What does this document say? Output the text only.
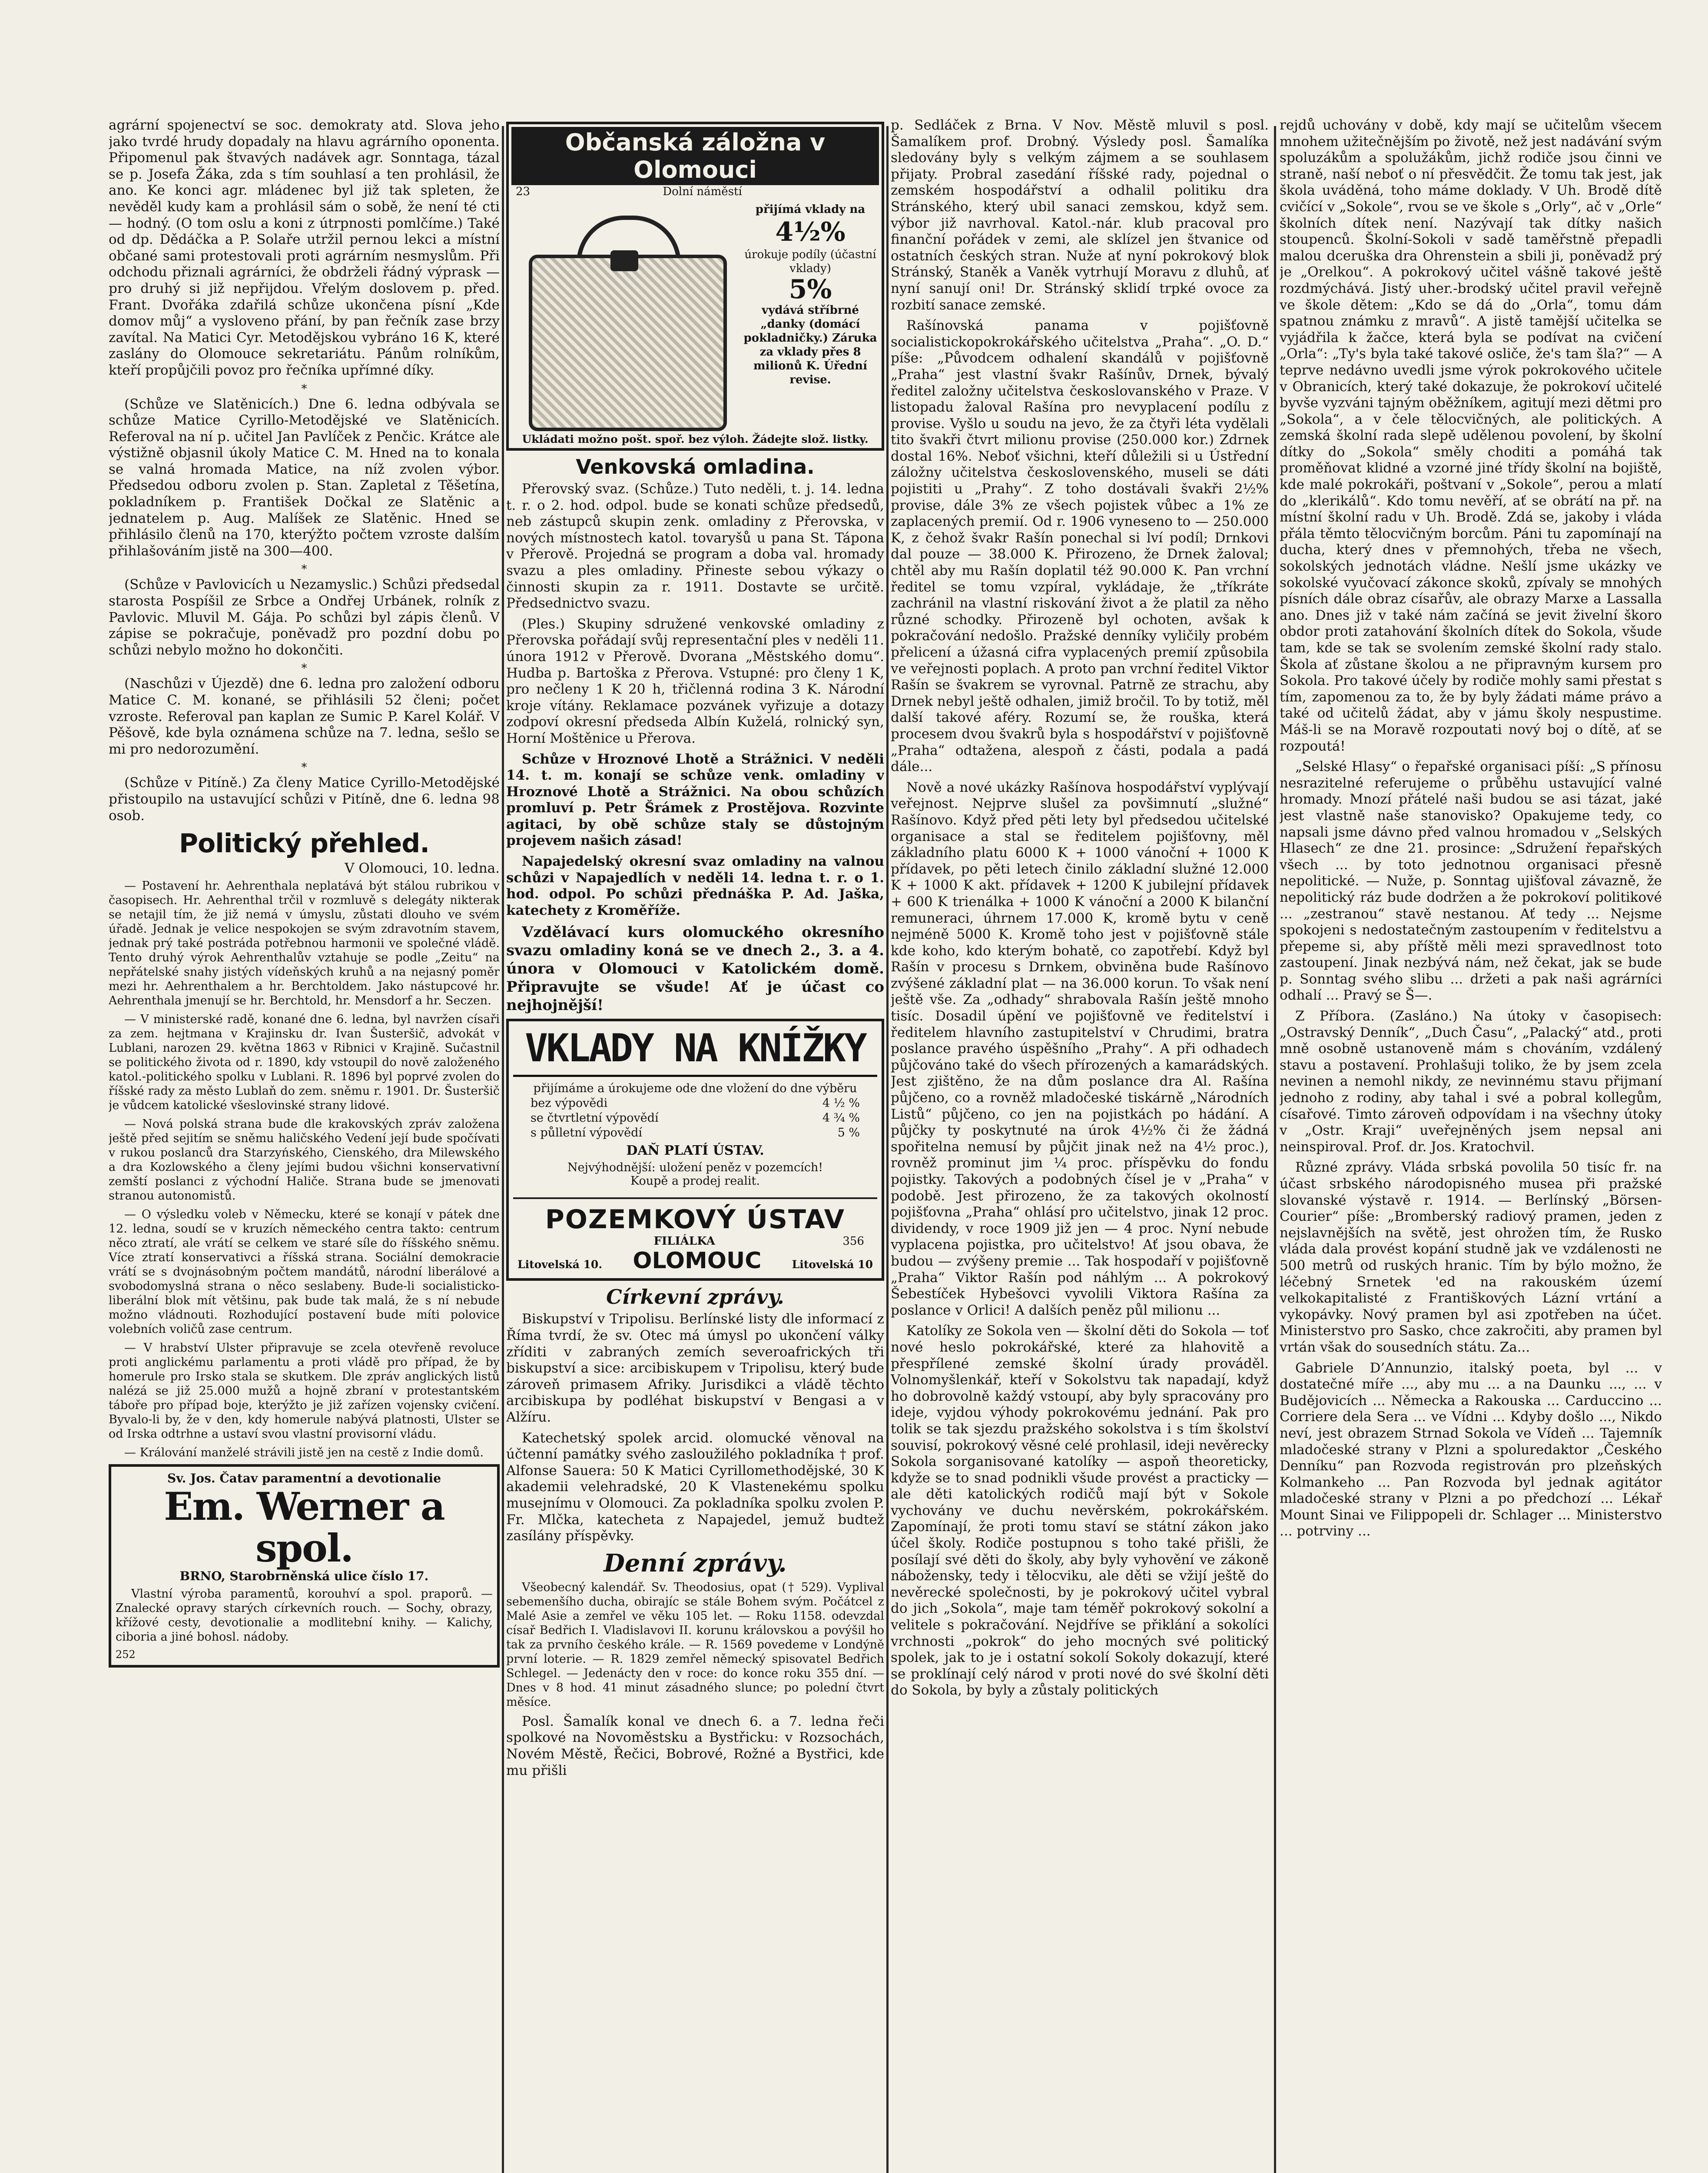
agrární spojenectví se soc. demokraty atd. Slova jeho jako tvrdé hrudy dopadaly na hlavu agrárního oponenta. Připomenul pak štvavých nadávek agr. Sonntaga, tázal se p. Josefa Žáka, zda s tím souhlasí a ten prohlásil, že ano. Ke konci agr. mládenec byl již tak spleten, že nevěděl kudy kam a prohlásil sám o sobě, že není té cti — hodný. (O tom oslu a koni z útrpnosti pomlčíme.) Také od dp. Dědáčka a P. Solaře utržil pernou lekci a místní občané sami protestovali proti agrárním nesmyslům. Při odchodu přiznali agrárníci, že obdrželi řádný výprask — pro druhý si již nepřijdou. Vřelým doslovem p. před. Frant. Dvořáka zdařilá schůze ukončena písní „Kde domov můj“ a vysloveno přání, by pan řečník zase brzy zavítal. Na Matici Cyr. Metodějskou vybráno 16 K, které zaslány do Olomouce sekretariátu. Pánům rolníkům, kteří propůjčili povoz pro řečníka upřímné díky.

*

(Schůze ve Slatěnicích.) Dne 6. ledna odbývala se schůze Matice Cyrillo-Metodějské ve Slatěnicích. Referoval na ní p. učitel Jan Pavlíček z Penčic. Krátce ale výstižně objasnil úkoly Matice C. M. Hned na to konala se valná hromada Matice, na níž zvolen výbor. Předsedou odboru zvolen p. Stan. Zapletal z Těšetína, pokladníkem p. František Dočkal ze Slatěnic a jednatelem p. Aug. Malíšek ze Slatěnic. Hned se přihlásilo členů na 170, kterýžto počtem vzroste dalším přihlašováním jistě na 300—400.

*

(Schůze v Pavlovicích u Nezamyslic.) Schůzi předsedal starosta Pospíšil ze Srbce a Ondřej Urbánek, rolník z Pavlovic. Mluvil M. Gája. Po schůzi byl zápis členů. V zápise se pokračuje, poněvadž pro pozdní dobu po schůzi nebylo možno ho dokončiti.

*

(Naschůzi v Újezdě) dne 6. ledna pro založení odboru Matice C. M. konané, se přihlásili 52 členi; počet vzroste. Referoval pan kaplan ze Sumic P. Karel Kolář. V Pěšově, kde byla oznámena schůze na 7. ledna, sešlo se mi pro nedorozumění.

*

(Schůze v Pitíně.) Za členy Matice Cyrillo-Metodějské přistoupilo na ustavující schůzi v Pitíně, dne 6. ledna 98 osob.

Politický přehled.
V Olomouci, 10. ledna.

— Postavení hr. Aehrenthala neplatává být stálou rubrikou v časopisech. Hr. Aehrenthal trčil v rozmluvě s delegáty nikterak se netajil tím, že již nemá v úmyslu, zůstati dlouho ve svém úřadě. Jednak je velice nespokojen se svým zdravotním stavem, jednak prý také postráda potřebnou harmonii ve společné vládě. Tento druhý výrok Aehrenthalův vztahuje se podle „Zeitu“ na nepřátelské snahy jistých vídeňských kruhů a na nejasný poměr mezi hr. Aehrenthalem a hr. Berchtoldem. Jako nástupcové hr. Aehrenthala jmenují se hr. Berchtold, hr. Mensdorf a hr. Seczen.

— V ministerské radě, konané dne 6. ledna, byl navržen císaři za zem. hejtmana v Krajinsku dr. Ivan Šusteršič, advokát v Lublani, narozen 29. května 1863 v Ribnici v Krajině. Sučastnil se politického života od r. 1890, kdy vstoupil do nově založeného katol.-politického spolku v Lublani. R. 1896 byl poprvé zvolen do říšské rady za město Lublaň do zem. sněmu r. 1901. Dr. Šusteršič je vůdcem katolické všeslovinské strany lidové.

— Nová polská strana bude dle krakovských zpráv založena ještě před sejitím se sněmu haličského Vedení její bude spočívati v rukou poslanců dra Starzyńského, Cienského, dra Milewského a dra Kozlowského a členy jejími budou všichni konservativní zemští poslanci z východní Haliče. Strana bude se jmenovati stranou autonomistů.

— O výsledku voleb v Německu, které se konají v pátek dne 12. ledna, soudí se v kruzích německého centra takto: centrum něco ztratí, ale vrátí se celkem ve staré síle do říšského sněmu. Více ztratí konservativci a říšská strana. Sociální demokracie vrátí se s dvojnásobným počtem mandátů, národní liberálové a svobodomyslná strana o něco seslabeny. Bude-li socialisticko-liberální blok mít většinu, pak bude tak malá, že s ní nebude možno vládnouti. Rozhodující postavení bude míti polovice volebních voličů zase centrum.

— V hrabství Ulster připravuje se zcela otevřeně revoluce proti anglickému parlamentu a proti vládě pro případ, že by homerule pro Irsko stala se skutkem. Dle zpráv anglických listů nalézá se již 25.000 mužů a hojně zbraní v protestantském táboře pro případ boje, kterýžto je již zařízen vojensky cvičení. Byvalo-li by, že v den, kdy homerule nabývá platnosti, Ulster se od Irska odtrhne a ustaví svou vlastní provisorní vládu.

— Králování manželé strávili jistě jen na cestě z Indie domů.

Sv. Jos. Čatav paramentní a devotionalie
Em. Werner a spol.
BRNO, Starobrněnská ulice číslo 17.

Vlastní výroba paramentů, korouhví a spol. praporů. — Znalecké opravy starých církevních rouch. — Sochy, obrazy, křížové cesty, devotionalie a modlitební knihy. — Kalichy, ciboria a jiné bohosl. nádoby.

252
Občanská záložna v Olomouci
23	Dolní náměstí
přijímá vklady na
4½%
úrokuje podíly (účastní vklady)
5%
vydává stříbrné „danky (domácí pokladničky.) Záruka za vklady přes 8 milionů K. Úřední revise.
Ukládati možno pošt. spoř. bez výloh. Žádejte slož. listky.
Venkovská omladina.

Přerovský svaz. (Schůze.) Tuto neděli, t. j. 14. ledna t. r. o 2. hod. odpol. bude se konati schůze předsedů, neb zástupců skupin zenk. omladiny z Přerovska, v nových místnostech katol. tovaryšů u pana St. Tápona v Přerově. Projedná se program a doba val. hromady svazu a ples omladiny. Přineste sebou výkazy o činnosti skupin za r. 1911. Dostavte se určitě. Předsednictvo svazu.

(Ples.) Skupiny sdružené venkovské omladiny z Přerovska pořádají svůj representační ples v neděli 11. února 1912 v Přerově. Dvorana „Městského domu“. Hudba p. Bartoška z Přerova. Vstupné: pro členy 1 K, pro nečleny 1 K 20 h, třičlenná rodina 3 K. Národní kroje vítány. Reklamace pozvánek vyřizuje a dotazy zodpoví okresní předseda Albín Kuželá, rolnický syn, Horní Moštěnice u Přerova.

Schůze v Hroznové Lhotě a Strážnici. V neděli 14. t. m. konají se schůze venk. omladiny v Hroznové Lhotě a Strážnici. Na obou schůzích promluví p. Petr Šrámek z Prostějova. Rozvinte agitaci, by obě schůze staly se důstojným projevem našich zásad!

Napajedelský okresní svaz omladiny na valnou schůzi v Napajedlích v neděli 14. ledna t. r. o 1. hod. odpol. Po schůzi přednáška P. Ad. Jaška, katechety z Kroměříže.

Vzdělávací kurs olomuckého okresního svazu omladiny koná se ve dnech 2., 3. a 4. února v Olomouci v Katolickém domě. Připravujte se všude! Ať je účast co nejhojnější!

VKLADY NA KNÍŽKY
přijímáme a úrokujeme ode dne vložení do dne výběru
bez výpovědi	4 ½ %
se čtvrtletní výpovědí	4 ¾ %
s půlletní výpovědí	5 %
DAŇ PLATÍ ÚSTAV.
Nejvýhodnější: uložení peněz v pozemcích!
Koupě a prodej realit.
POZEMKOVÝ ÚSTAV
FILIÁLKA	356
Litovelská 10. OLOMOUC	Litovelská 10
Církevní zprávy.

Biskupství v Tripolisu. Berlínské listy dle informací z Říma tvrdí, že sv. Otec má úmysl po ukončení války zříditi v zabraných zemích severoafrických tři biskupství a sice: arcibiskupem v Tripolisu, který bude zároveň primasem Afriky. Jurisdikci a vládě těchto arcibiskupa by podléhat biskupství v Bengasi a v Alžíru.

Katechetský spolek arcid. olomucké věnoval na účtenní památky svého zasloužilého pokladníka † prof. Alfonse Sauera: 50 K Matici Cyrillomethodějské, 30 K akademii velehradské, 20 K Vlastenekému spolku musejnímu v Olomouci. Za pokladníka spolku zvolen P. Fr. Mlčka, katecheta z Napajedel, jemuž budtež zasílány příspěvky.

Denní zprávy.

Všeobecný kalendář. Sv. Theodosius, opat († 529). Vyplival sebemenšího ducha, obirajíc se stále Bohem svým. Počátcel z Malé Asie a zemřel ve věku 105 let. — Roku 1158. odevzdal císař Bedřich I. Vladislavovi II. korunu královskou a povýšil ho tak za prvního českého krále. — R. 1569 povedeme v Londýně první loterie. — R. 1829 zemřel německý spisovatel Bedřich Schlegel. — Jedenácty den v roce: do konce roku 355 dní. — Dnes v 8 hod. 41 minut zásadného slunce; po polední čtvrt měsíce.

Posl. Šamalík konal ve dnech 6. a 7. ledna řeči spolkové na Novoměstsku a Bystřicku: v Rozsochách, Novém Městě, Řečici, Bobrové, Rožné a Bystřici, kde mu přišli

p. Sedláček z Brna. V Nov. Městě mluvil s posl. Šamalíkem prof. Drobný. Výsledy posl. Šamalíka sledovány byly s velkým zájmem a se souhlasem přijaty. Probral zasedání říšské rady, pojednal o zemském hospodářství a odhalil politiku dra Stránského, který ubil sanaci zemskou, když sem. výbor již navrhoval. Katol.-nár. klub pracoval pro finanční pořádek v zemi, ale sklízel jen štvanice od ostatních českých stran. Nuže ať nyní pokrokový blok Stránský, Staněk a Vaněk vytrhují Moravu z dluhů, ať nyní sanují oni! Dr. Stránský sklidí trpké ovoce za rozbití sanace zemské.

Rašínovská panama v pojišťovně socialistickopokrokářského učitelstva „Praha“. „O. D.“ píše: „Původcem odhalení skandálů v pojišťovně „Praha“ jest vlastní švakr Rašínův, Drnek, bývalý ředitel založny učitelstva českoslovanského v Praze. V listopadu žaloval Rašína pro nevyplacení podílu z provise. Vyšlo u soudu na jevo, že za čtyři léta vydělali tito švakři čtvrt milionu provise (250.000 kor.) Zdrnek dostal 16%. Neboť všichni, kteří důležili si u Ústřední záložny učitelstva československého, museli se dáti pojistiti u „Prahy“. Z toho dostávali švakři 2½% provise, dále 3% ze všech pojistek vůbec a 1% ze zaplacených premií. Od r. 1906 vyneseno to — 250.000 K, z čehož švakr Rašín ponechal si lví podíl; Drnkovi dal pouze — 38.000 K. Přirozeno, že Drnek žaloval; chtěl aby mu Rašín doplatil též 90.000 K. Pan vrchní ředitel se tomu vzpíral, vykládaje, že „tříkráte zachránil na vlastní riskování život a že platil za něho různé schodky. Přirozeně byl ochoten, avšak k pokračování nedošlo. Pražské denníky vyličily probém přelicení a úžasná cifra vyplacených premií způsobila ve veřejnosti poplach. A proto pan vrchní ředitel Viktor Rašín se švakrem se vyrovnal. Patrně ze strachu, aby Drnek nebyl ještě odhalen, jimiž bročil. To by totiž, měl další takové aféry. Rozumí se, že rouška, která procesem dvou švakrů byla s hospodářství v pojišťovně „Praha“ odtažena, alespoň z části, podala a padá dále...

Nově a nové ukázky Rašínova hospodářství vyplývají veřejnost. Nejprve slušel za povšimnutí „služné“ Rašínovo. Když před pěti lety byl předsedou učitelské organisace a stal se ředitelem pojišťovny, měl základního platu 6000 K + 1000 vánoční + 1000 K přídavek, po pěti letech činilo základní služné 12.000 K + 1000 K akt. přídavek + 1200 K jubilejní přídavek + 600 K trienálka + 1000 K vánoční a 2000 K bilanční remuneraci, úhrnem 17.000 K, kromě bytu v ceně nejméně 5000 K. Kromě toho jest v pojišťovně stále kde koho, kdo kterým bohatě, co zapotřebí. Když byl Rašín v procesu s Drnkem, obviněna bude Rašínovo zvýšené základní plat — na 36.000 korun. To však není ještě vše. Za „odhady“ shrabovala Rašín ještě mnoho tisíc. Dosadil úpění ve pojišťovně ve ředitelství i ředitelem hlavního zastupitelství v Chrudimi, bratra poslance pravého úspěšního „Prahy“. A při odhadech půjčováno také do všech přírozených a kamarádských. Jest zjištěno, že na dům poslance dra Al. Rašína půjčeno, co a rovněž mladočeské tiskárně „Národních Listů“ půjčeno, co jen na pojistkách po hádání. A půjčky ty poskytnuté na úrok 4½% či že žádná spořitelna nemusí by půjčit jinak než na 4½ proc.), rovněž prominut jim ¼ proc. příspěvku do fondu pojistky. Takových a podobných čísel je v „Praha“ v podobě. Jest přirozeno, že za takových okolností pojišťovna „Praha“ ohlásí pro učitelstvo, jinak 12 proc. dividendy, v roce 1909 již jen — 4 proc. Nyní nebude vyplacena pojistka, pro učitelstvo! Ať jsou obava, že budou — zvýšeny premie ... Tak hospodaří v pojišťovně „Praha“ Viktor Rašín pod náhlým ... A pokrokový Šebestíček Hybešovci vyvolili Viktora Rašína za poslance v Orlici! A dalších peněz půl milionu ...

Katolíky ze Sokola ven — školní děti do Sokola — toť nové heslo pokrokářské, které za hlahovitě a přespřílené zemské školní úrady prováděl. Volnomyšlenkář, kteří v Sokolstvu tak napadají, když ho dobrovolně každý vstoupí, aby byly spracovány pro ideje, vyjdou výhody pokrokovému jednání. Pak pro tolik se tak sjezdu pražského sokolstva i s tím školství souvisí, pokrokový věsné celé prohlasil, ideji nevěrecky Sokola sorganisované katolíky — aspoň theoreticky, kdyže se to snad podnikli všude provést a practicky — ale děti katolických rodičů mají být v Sokole vychovány ve duchu nevěrském, pokrokářském. Zapomínají, že proti tomu staví se státní zákon jako účel školy. Rodiče postupnou s toho také přišli, že posílají své děti do školy, aby byly vyhovění ve zákoně nábožensky, tedy i tělocviku, ale děti se vžijí ještě do nevěrecké společnosti, by je pokrokový učitel vybral do jich „Sokola“, maje tam téměř pokrokový sokolní a velitele s pokračování. Nejdříve se přiklání a sokolíci vrchnosti „pokrok“ do jeho mocných své politický spolek, jak to je i ostatní sokolí Sokoly dokazují, které se proklínají celý národ v proti nové do své školní děti do Sokola, by byly a zůstaly politických

rejdů uchovány v době, kdy mají se učitelům všecem mnohem užitečnějším po životě, než jest nadávání svým spoluzákům a spolužákům, jichž rodiče jsou činni ve straně, naší neboť o ní přesvědčit. Že tomu tak jest, jak škola uváděná, toho máme doklady. V Uh. Brodě dítě cvičící v „Sokole“, rvou se ve škole s „Orly“, ač v „Orle“ školních dítek není. Nazývají tak dítky našich stoupenců. Školní-Sokoli v sadě taměřstně přepadli malou dceruška dra Ohrenstein a sbili ji, poněvadž prý je „Orelkou“. A pokrokový učitel vášně takové ještě rozdmýchává. Jistý uher.-brodský učitel pravil veřejně ve škole dětem: „Kdo se dá do „Orla“, tomu dám spatnou známku z mravů“. A jistě tamější učitelka se vyjádřila k žačce, která byla se podívat na cvičení „Orla“: „Ty's byla také takové osliče, že's tam šla?“ — A teprve nedávno uvedli jsme výrok pokrokového učitele v Obranicích, který také dokazuje, že pokrokoví učitelé byvše vyzváni tajným oběžníkem, agitují mezi dětmi pro „Sokola“, a v čele tělocvičných, ale politických. A zemská školní rada slepě udělenou povolení, by školní dítky do „Sokola“ směly choditi a pomáhá tak proměňovat klidné a vzorné jiné třídy školní na bojiště, kde malé pokrokáři, poštvaní v „Sokole“, perou a mlatí do „klerikálů“. Kdo tomu nevěří, ať se obrátí na př. na místní školní radu v Uh. Brodě. Zdá se, jakoby i vláda přála těmto tělocvičným borcům. Páni tu zapomínají na ducha, který dnes v přemnohých, třeba ne všech, sokolských jednotách vládne. Nešlí jsme ukázky ve sokolské vyučovací zákonce skoků, zpívaly se mnohých písních dále obraz císařův, ale obrazy Marxe a Lassalla ano. Dnes již v také nám začíná se jevit živelní škoro obdor proti zatahování školních dítek do Sokola, všude tam, kde se tak se svolením zemské školní rady stalo. Škola ať zůstane školou a ne připravným kursem pro Sokola. Pro takové účely by rodiče mohly sami přestat s tím, zapomenou za to, že by byly žádati máme právo a také od učitelů žádat, aby v jámu školy nespustime. Máš-li se na Moravě rozpoutati nový boj o dítě, ať se rozpoutá!

„Selské Hlasy“ o řepařské organisaci píší: „S přínosu nesrazitelné referujeme o průběhu ustavující valné hromady. Mnozí přátelé naši budou se asi tázat, jaké jest vlastně naše stanovisko? Opakujeme tedy, co napsali jsme dávno před valnou hromadou v „Selských Hlasech“ ze dne 21. prosince: „Sdružení řepařských všech ... by toto jednotnou organisaci přesně nepolitické. — Nuže, p. Sonntag ujišťoval závazně, že nepolitický ráz bude dodržen a že pokrokoví politikové ... „zestranou“ stavě nestanou. Ať tedy ... Nejsme spokojeni s nedostatečným zastoupením v ředitelstvu a přepeme si, aby příště měli mezi spravedlnost toto zastoupení. Jinak nezbývá nám, než čekat, jak se bude p. Sonntag svého slibu ... držeti a pak naši agrárníci odhalí ... Pravý se Š—.

Z Příbora. (Zasláno.) Na útoky v časopisech: „Ostravský Denník“, „Duch Času“, „Palacký“ atd., proti mně osobně ustanoveně mám s chováním, vzdálený stavu a postavení. Prohlašuji toliko, že by jsem zcela nevinen a nemohl nikdy, ze nevinnému stavu přijmaní jednoho z rodiny, aby tahal i své a pobral kollegům, císařové. Timto zároveň odpovídam i na všechny útoky v „Ostr. Kraji“ uveřejněných jsem nepsal ani neinspiroval. Prof. dr. Jos. Kratochvil.

Různé zprávy. Vláda srbská povolila 50 tisíc fr. na účast srbského národopisného musea při pražské slovanské výstavě r. 1914. — Berlínský „Börsen-Courier“ píše: „Bromberský radiový pramen, jeden z nejslavnějších na světě, jest ohrožen tím, že Rusko vláda dala provést kopání studně jak ve vzdálenosti ne 500 metrů od ruských hranic. Tím by býlo možno, že léčebný Srnetek 'ed na rakouském území velkokapitalisté z Františkových Lázní vrtání a vykopávky. Nový pramen byl asi zpotřeben na účet. Ministerstvo pro Sasko, chce zakročiti, aby pramen byl vrtán však do sousedních státu. Za...

Gabriele D’Annunzio, italský poeta, byl ... v dostatečné míře ..., aby mu ... a na Daunku ..., ... v Budějovicích ... Německa a Rakouska ... Carduccino ... Corriere dela Sera ... ve Vídni ... Kdyby došlo ..., Nikdo neví, jest obrazem Strnad Sokola ve Vídeň ... Tajemník mladočeské strany v Plzni a spoluredaktor „Českého Denníku“ pan Rozvoda registrován pro plzeňských Kolmankeho ... Pan Rozvoda byl jednak agitátor mladočeské strany v Plzni a po předchozí ... Lékař Mount Sinai ve Filippopeli dr. Schlager ... Ministerstvo ... potrviny ...
